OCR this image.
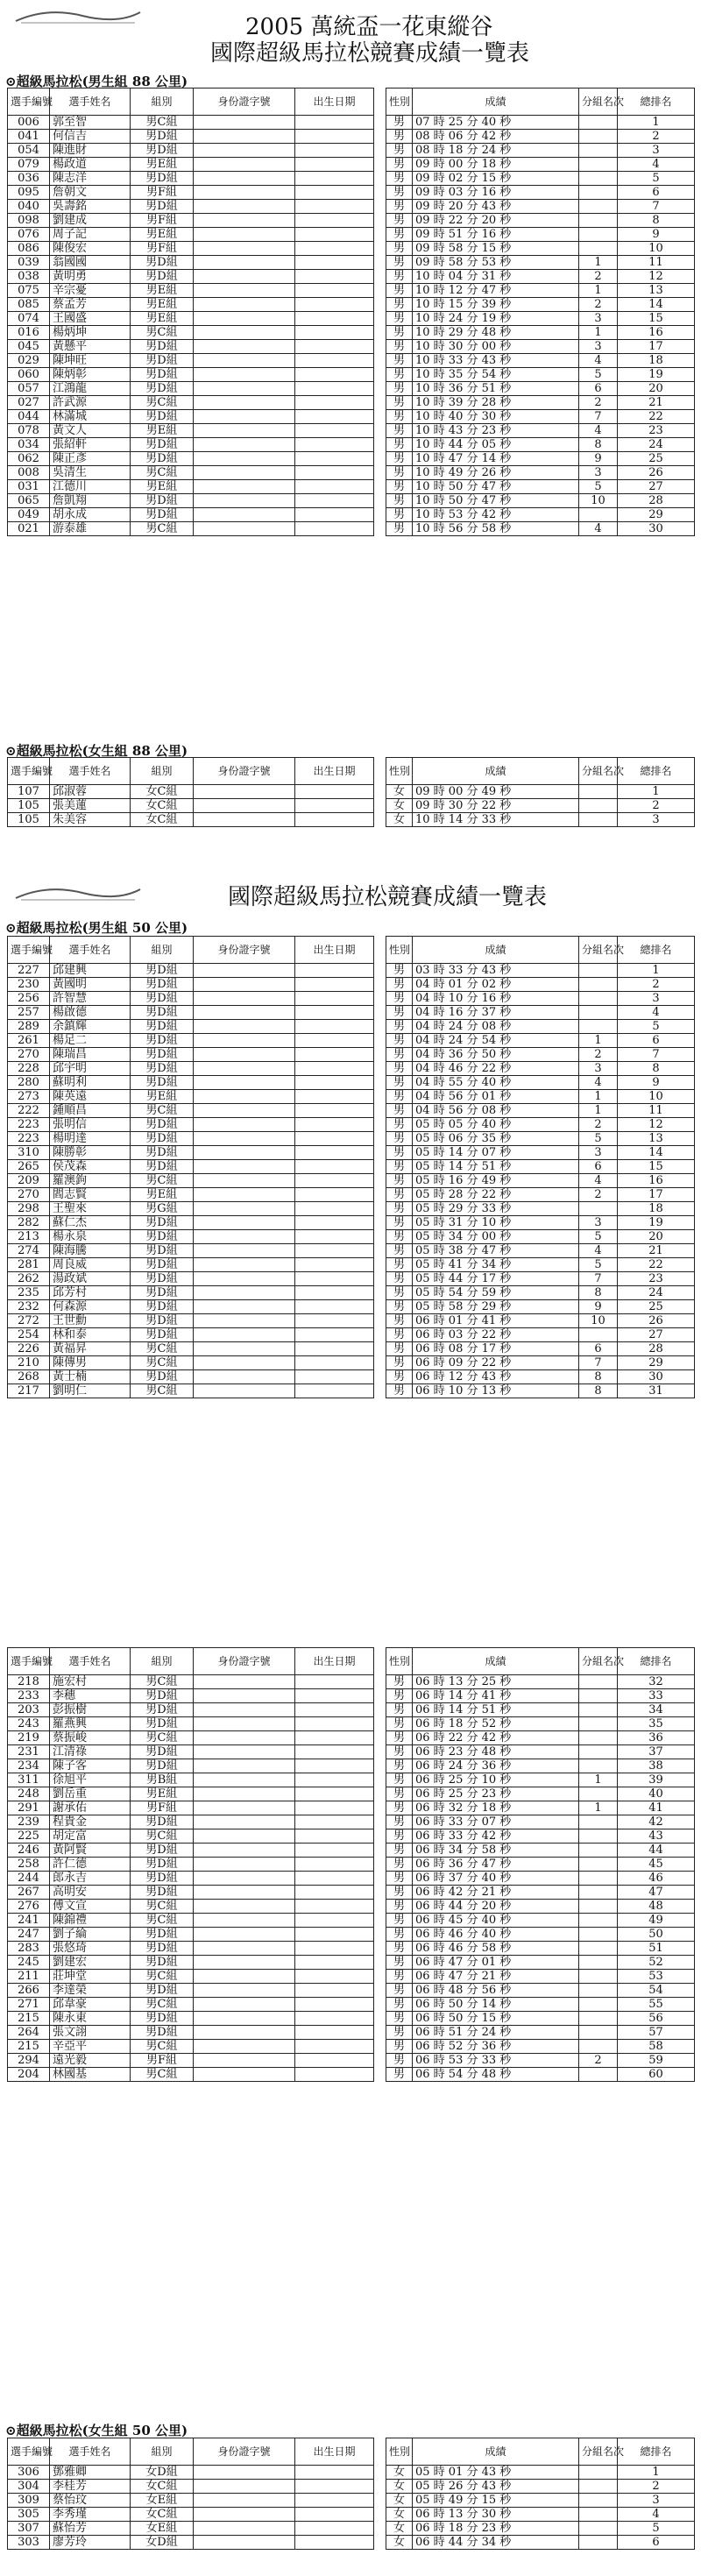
2005 萬統盃一花東縱谷
國際超級馬拉松競賽成績一覽表
⊙超級馬拉松(男生組 88 公里)
選手編號	選手姓名	組別	身份證字號	出生日期		性別	成績	分組名次	總排名
006	郭至智	男C組				男	07 時 25 分 40 秒		1
041	何信吉	男D組				男	08 時 06 分 42 秒		2
054	陳進財	男D組				男	08 時 18 分 24 秒		3
079	楊政道	男E組				男	09 時 00 分 18 秒		4
036	陳志洋	男D組				男	09 時 02 分 15 秒		5
095	詹朝文	男F組				男	09 時 03 分 16 秒		6
040	吳壽銘	男D組				男	09 時 20 分 43 秒		7
098	劉建成	男F組				男	09 時 22 分 20 秒		8
076	周子記	男E組				男	09 時 51 分 16 秒		9
086	陳俊宏	男F組				男	09 時 58 分 15 秒		10
039	翁國國	男D組				男	09 時 58 分 53 秒	1	11
038	黃明勇	男D組				男	10 時 04 分 31 秒	2	12
075	辛宗憂	男E組				男	10 時 12 分 47 秒	1	13
085	蔡孟芳	男E組				男	10 時 15 分 39 秒	2	14
074	王國盛	男E組				男	10 時 24 分 19 秒	3	15
016	楊炳坤	男C組				男	10 時 29 分 48 秒	1	16
045	黃懸平	男D組				男	10 時 30 分 00 秒	3	17
029	陳坤旺	男D組				男	10 時 33 分 43 秒	4	18
060	陳炳彰	男D組				男	10 時 35 分 54 秒	5	19
057	江鴻龍	男D組				男	10 時 36 分 51 秒	6	20
027	許武源	男C組				男	10 時 39 分 28 秒	2	21
044	林滿城	男D組				男	10 時 40 分 30 秒	7	22
078	黃文人	男E組				男	10 時 43 分 23 秒	4	23
034	張紹軒	男D組				男	10 時 44 分 05 秒	8	24
062	陳正彥	男D組				男	10 時 47 分 14 秒	9	25
008	吳清生	男C組				男	10 時 49 分 26 秒	3	26
031	江德川	男E組				男	10 時 50 分 47 秒	5	27
065	詹凱翔	男D組				男	10 時 50 分 47 秒	10	28
049	胡永成	男D組				男	10 時 53 分 42 秒		29
021	游泰雄	男C組				男	10 時 56 分 58 秒	4	30
⊙超級馬拉松(女生組 88 公里)
選手編號	選手姓名	組別	身份證字號	出生日期		性別	成績	分組名次	總排名
107	邱淑蓉	女C組				女	09 時 00 分 49 秒		1
105	張美蓮	女C組				女	09 時 30 分 22 秒		2
105	朱美容	女C組				女	10 時 14 分 33 秒		3
國際超級馬拉松競賽成績一覽表
⊙超級馬拉松(男生組 50 公里)
選手編號	選手姓名	組別	身份證字號	出生日期		性別	成績	分組名次	總排名
227	邱建興	男D組				男	03 時 33 分 43 秒		1
230	黃國明	男D組				男	04 時 01 分 02 秒		2
256	許智慧	男D組				男	04 時 10 分 16 秒		3
257	楊啟德	男D組				男	04 時 16 分 37 秒		4
289	余鎮輝	男D組				男	04 時 24 分 08 秒		5
261	楊足二	男D組				男	04 時 24 分 54 秒	1	6
270	陳瑞昌	男D組				男	04 時 36 分 50 秒	2	7
228	邱宇明	男D組				男	04 時 46 分 22 秒	3	8
280	蘇明利	男D組				男	04 時 55 分 40 秒	4	9
273	陳英遠	男E組				男	04 時 56 分 01 秒	1	10
222	鍾順昌	男C組				男	04 時 56 分 08 秒	1	11
223	張明信	男D組				男	05 時 05 分 40 秒	2	12
223	楊明達	男D組				男	05 時 06 分 35 秒	5	13
310	陳勝彰	男D組				男	05 時 14 分 07 秒	3	14
265	侯茂森	男D組				男	05 時 14 分 51 秒	6	15
209	羅澳鉤	男C組				男	05 時 16 分 49 秒	4	16
270	閻志賢	男E組				男	05 時 28 分 22 秒	2	17
298	王聖來	男G組				男	05 時 29 分 33 秒		18
282	蘇仁杰	男D組				男	05 時 31 分 10 秒	3	19
213	楊永泉	男D組				男	05 時 34 分 00 秒	5	20
274	陳海騰	男D組				男	05 時 38 分 47 秒	4	21
281	周良威	男D組				男	05 時 41 分 34 秒	5	22
262	湯政斌	男D組				男	05 時 44 分 17 秒	7	23
235	邱芳村	男D組				男	05 時 54 分 59 秒	8	24
232	何森源	男D組				男	05 時 58 分 29 秒	9	25
272	王世勳	男D組				男	06 時 01 分 41 秒	10	26
254	林和泰	男D組				男	06 時 03 分 22 秒		27
226	黃福昇	男C組				男	06 時 08 分 17 秒	6	28
210	陳傳男	男C組				男	06 時 09 分 22 秒	7	29
268	黃士楠	男D組				男	06 時 12 分 43 秒	8	30
217	劉明仁	男C組				男	06 時 10 分 13 秒	8	31
選手編號	選手姓名	組別	身份證字號	出生日期		性別	成績	分組名次	總排名
218	施宏村	男C組				男	06 時 13 分 25 秒		32
233	李穗	男D組				男	06 時 14 分 41 秒		33
203	彭振樹	男D組				男	06 時 14 分 51 秒		34
243	羅燕興	男D組				男	06 時 18 分 52 秒		35
219	蔡振峻	男C組				男	06 時 22 分 42 秒		36
231	江清祿	男D組				男	06 時 23 分 48 秒		37
234	陳子客	男D組				男	06 時 24 分 36 秒		38
311	徐旭平	男B組				男	06 時 25 分 10 秒	1	39
248	劉岳重	男E組				男	06 時 25 分 23 秒		40
291	謝承佑	男F組				男	06 時 32 分 18 秒	1	41
239	程貴金	男D組				男	06 時 33 分 07 秒		42
225	胡定富	男C組				男	06 時 33 分 42 秒		43
246	黃阿賢	男D組				男	06 時 34 分 58 秒		44
258	許仁德	男D組				男	06 時 36 分 47 秒		45
244	郎永吉	男D組				男	06 時 37 分 40 秒		46
267	高明安	男D組				男	06 時 42 分 21 秒		47
276	傅文宣	男C組				男	06 時 44 分 20 秒		48
241	陳錦禮	男C組				男	06 時 45 分 40 秒		49
247	劉子綸	男D組				男	06 時 46 分 40 秒		50
283	張悠琦	男D組				男	06 時 46 分 58 秒		51
245	劉建宏	男D組				男	06 時 47 分 01 秒		52
211	莊坤堂	男C組				男	06 時 47 分 21 秒		53
266	李達榮	男D組				男	06 時 48 分 56 秒		54
271	邱韋豪	男C組				男	06 時 50 分 14 秒		55
215	陳永東	男D組				男	06 時 50 分 15 秒		56
264	張文詡	男D組				男	06 時 51 分 24 秒		57
215	辛亞平	男C組				男	06 時 52 分 36 秒		58
294	遠光毅	男F組				男	06 時 53 分 33 秒	2	59
204	林國基	男C組				男	06 時 54 分 48 秒		60
⊙超級馬拉松(女生組 50 公里)
選手編號	選手姓名	組別	身份證字號	出生日期		性別	成績	分組名次	總排名
306	鄧雅卿	女D組				女	05 時 01 分 43 秒		1
304	李桂芳	女C組				女	05 時 26 分 43 秒		2
309	蔡怡玟	女E組				女	05 時 49 分 15 秒		3
305	李秀瑾	女C組				女	06 時 13 分 30 秒		4
307	蘇怡芳	女E組				女	06 時 18 分 23 秒		5
303	廖芳玲	女D組				女	06 時 44 分 34 秒		6
